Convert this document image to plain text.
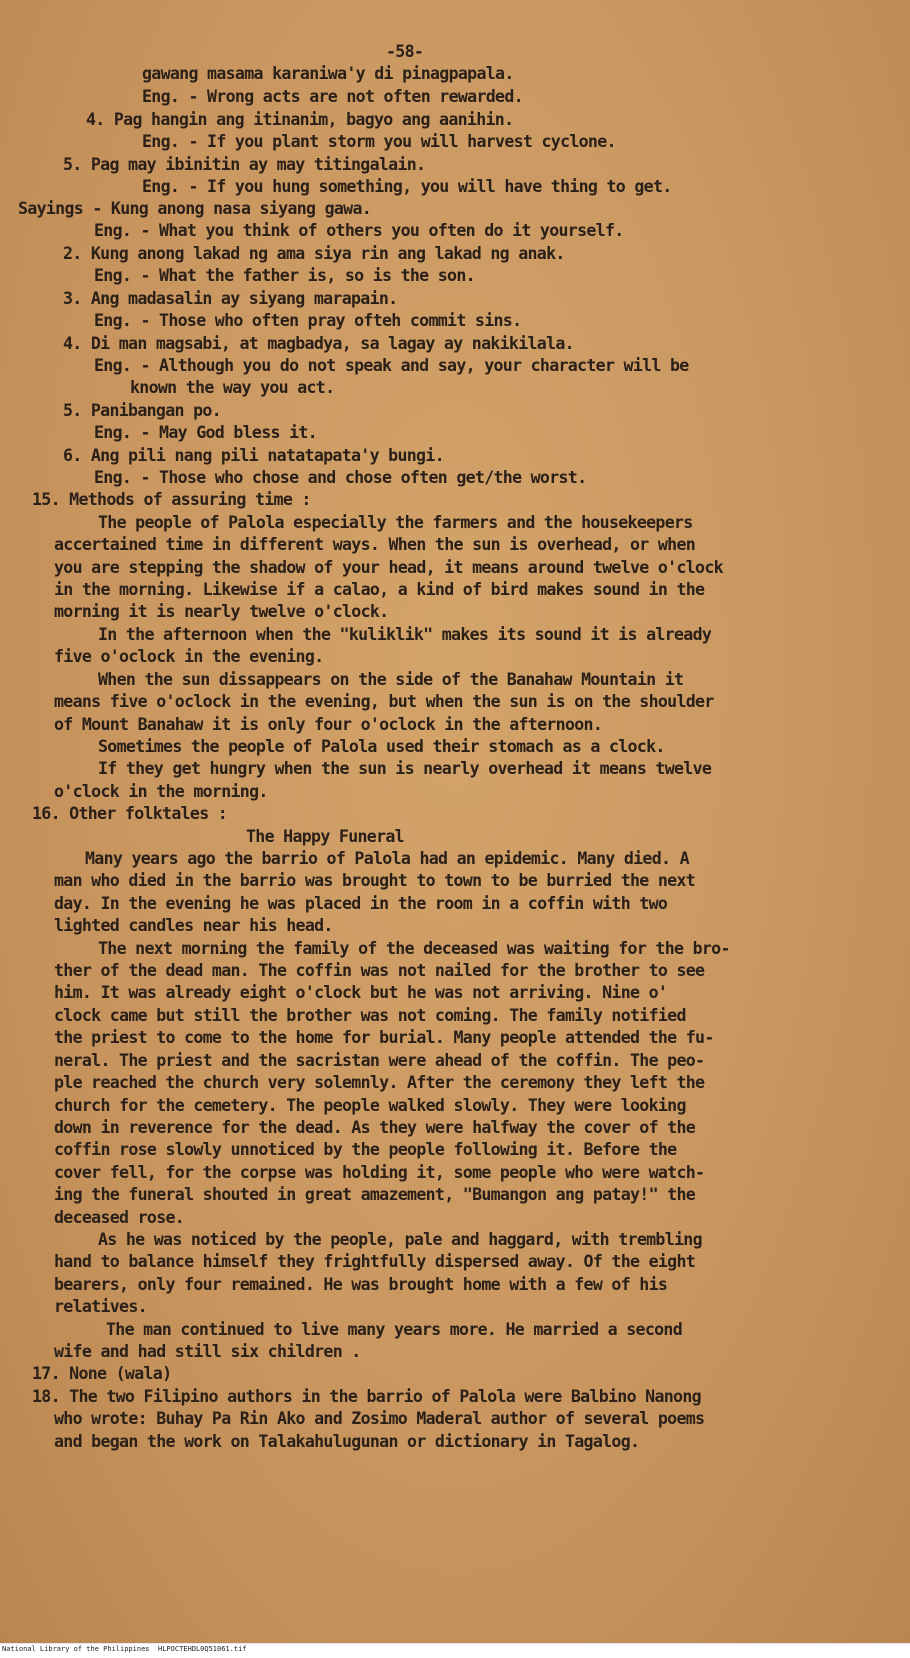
-58-
gawang masama karaniwa'y di pinagpapala.
Eng. - Wrong acts are not often rewarded.
4. Pag hangin ang itinanim, bagyo ang aanihin.
Eng. - If you plant storm you will harvest cyclone.
5. Pag may ibinitin ay may titingalain.
Eng. - If you hung something, you will have thing to get.
Sayings - Kung anong nasa siyang gawa.
Eng. - What you think of others you often do it yourself.
2. Kung anong lakad ng ama siya rin ang lakad ng anak.
Eng. - What the father is, so is the son.
3. Ang madasalin ay siyang marapain.
Eng. - Those who often pray ofteh commit sins.
4. Di man magsabi, at magbadya, sa lagay ay nakikilala.
Eng. - Although you do not speak and say, your character will be
known the way you act.
5. Panibangan po.
Eng. - May God bless it.
6. Ang pili nang pili natatapata'y bungi.
Eng. - Those who chose and chose often get/the worst.
15. Methods of assuring time :
The people of Palola especially the farmers and the housekeepers
accertained time in different ways. When the sun is overhead, or when
you are stepping the shadow of your head, it means around twelve o'clock
in the morning. Likewise if a calao, a kind of bird makes sound in the
morning it is nearly twelve o'clock.
In the afternoon when the "kuliklik" makes its sound it is already
five o'oclock in the evening.
When the sun dissappears on the side of the Banahaw Mountain it
means five o'oclock in the evening, but when the sun is on the shoulder
of Mount Banahaw it is only four o'oclock in the afternoon.
Sometimes the people of Palola used their stomach as a clock.
If they get hungry when the sun is nearly overhead it means twelve
o'clock in the morning.
16. Other folktales :
The Happy Funeral
Many years ago the barrio of Palola had an epidemic. Many died. A
man who died in the barrio was brought to town to be burried the next
day. In the evening he was placed in the room in a coffin with two
lighted candles near his head.
The next morning the family of the deceased was waiting for the bro-
ther of the dead man. The coffin was not nailed for the brother to see
him. It was already eight o'clock but he was not arriving. Nine o'
clock came but still the brother was not coming. The family notified
the priest to come to the home for burial. Many people attended the fu-
neral. The priest and the sacristan were ahead of the coffin. The peo-
ple reached the church very solemnly. After the ceremony they left the
church for the cemetery. The people walked slowly. They were looking
down in reverence for the dead. As they were halfway the cover of the
coffin rose slowly unnoticed by the people following it. Before the
cover fell, for the corpse was holding it, some people who were watch-
ing the funeral shouted in great amazement, "Bumangon ang patay!" the
deceased rose.
As he was noticed by the people, pale and haggard, with trembling
hand to balance himself they frightfully dispersed away. Of the eight
bearers, only four remained. He was brought home with a few of his
relatives.
The man continued to live many years more. He married a second
wife and had still six children .
17. None (wala)
18. The two Filipino authors in the barrio of Palola were Balbino Nanong
who wrote: Buhay Pa Rin Ako and Zosimo Maderal author of several poems
and began the work on Talakahulugunan or dictionary in Tagalog.
National Library of the Philippines HLPOCTEHDL0Q51061.tif
